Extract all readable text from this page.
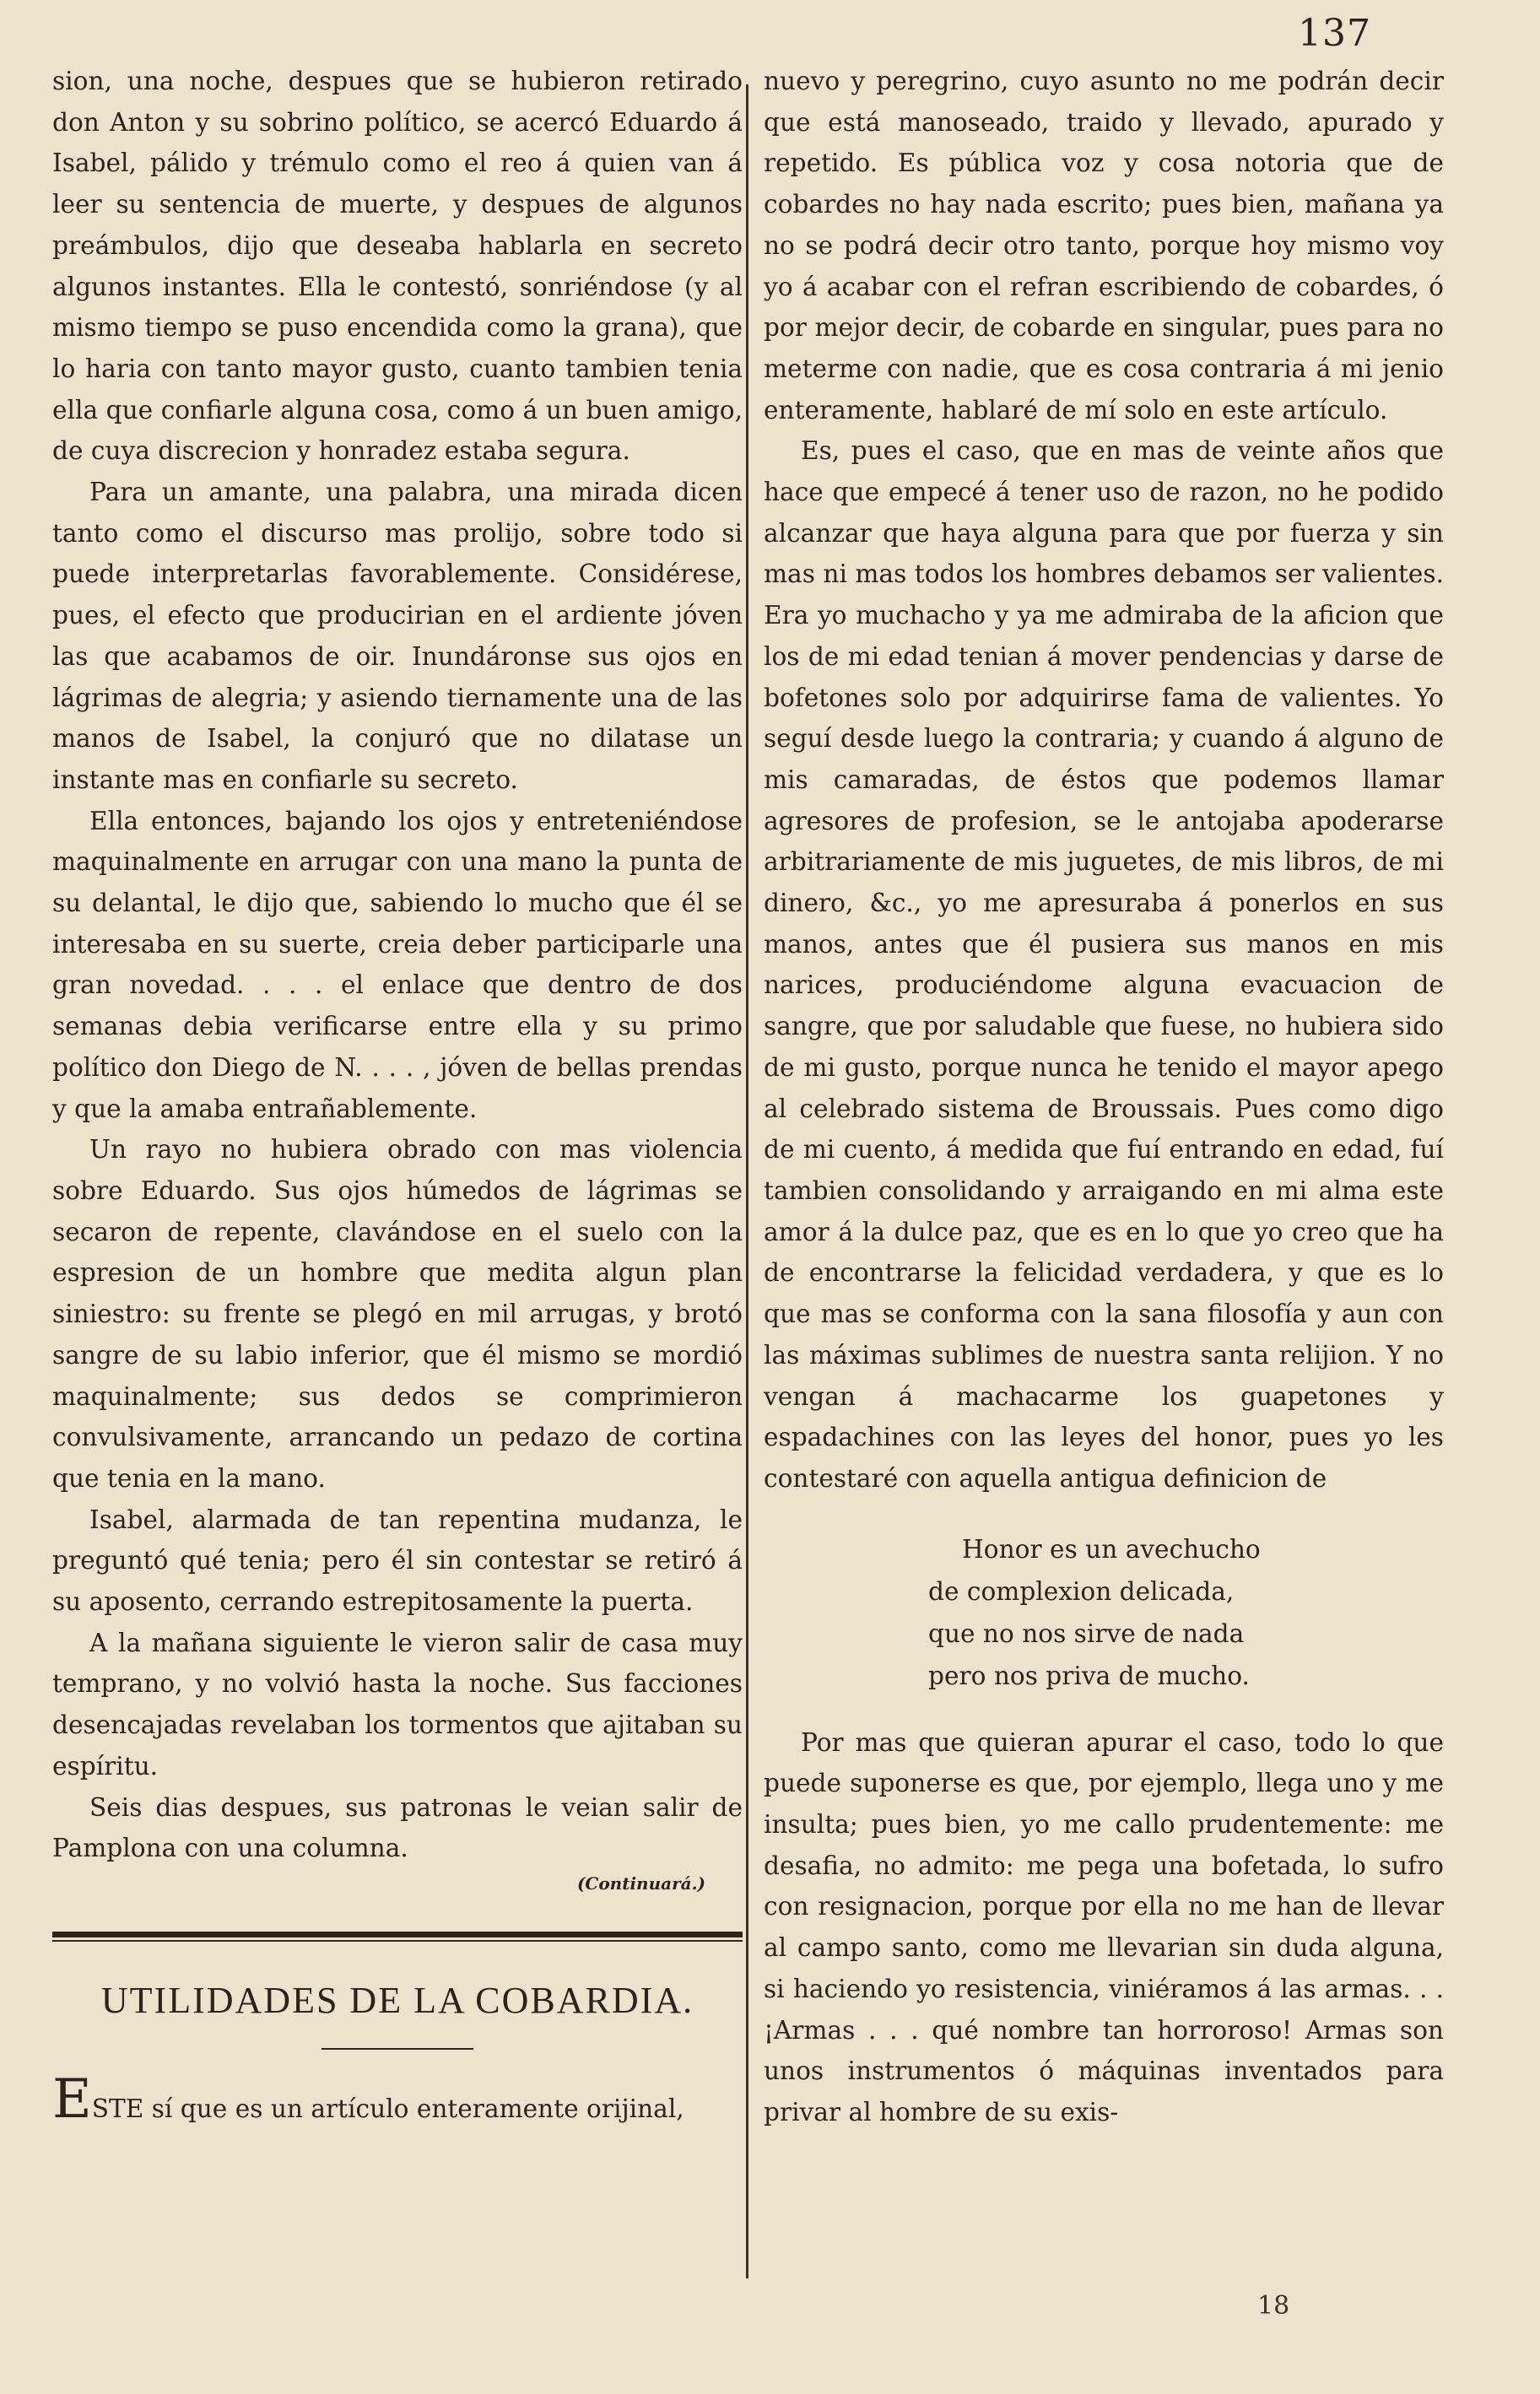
137

sion, una noche, despues que se hubieron retirado don Anton y su sobrino político, se acercó Eduardo á Isabel, pálido y trémulo como el reo á quien van á leer su sentencia de muerte, y despues de algunos preámbulos, dijo que deseaba hablarla en secreto algunos instantes. Ella le contestó, sonriéndose (y al mismo tiempo se puso encendida como la grana), que lo haria con tanto mayor gusto, cuanto tambien tenia ella que confiarle alguna cosa, como á un buen amigo, de cuya discrecion y honradez estaba segura.

Para un amante, una palabra, una mirada dicen tanto como el discurso mas prolijo, sobre todo si puede interpretarlas favorablemente. Considérese, pues, el efecto que producirian en el ardiente jóven las que acabamos de oir. Inundáronse sus ojos en lágrimas de alegria; y asiendo tiernamente una de las manos de Isabel, la conjuró que no dilatase un instante mas en confiarle su secreto.

Ella entonces, bajando los ojos y entreteniéndose maquinalmente en arrugar con una mano la punta de su delantal, le dijo que, sabiendo lo mucho que él se interesaba en su suerte, creia deber participarle una gran novedad. . . . el enlace que dentro de dos semanas debia verificarse entre ella y su primo político don Diego de N. . . . , jóven de bellas prendas y que la amaba entrañablemente.

Un rayo no hubiera obrado con mas violencia sobre Eduardo. Sus ojos húmedos de lágrimas se secaron de repente, clavándose en el suelo con la espresion de un hombre que medita algun plan siniestro: su frente se plegó en mil arrugas, y brotó sangre de su labio inferior, que él mismo se mordió maquinalmente; sus dedos se comprimieron convulsivamente, arrancando un pedazo de cortina que tenia en la mano.

Isabel, alarmada de tan repentina mudanza, le preguntó qué tenia; pero él sin contestar se retiró á su aposento, cerrando estrepitosamente la puerta.

A la mañana siguiente le vieron salir de casa muy temprano, y no volvió hasta la noche. Sus facciones desencajadas revelaban los tormentos que ajitaban su espíritu.

Seis dias despues, sus patronas le veian salir de Pamplona con una columna.

(Continuará.)
UTILIDADES DE LA COBARDIA.

ESTE sí que es un artículo enteramente orijinal,

nuevo y peregrino, cuyo asunto no me podrán decir que está manoseado, traido y llevado, apurado y repetido. Es pública voz y cosa notoria que de cobardes no hay nada escrito; pues bien, mañana ya no se podrá decir otro tanto, porque hoy mismo voy yo á acabar con el refran escribiendo de cobardes, ó por mejor decir, de cobarde en singular, pues para no meterme con nadie, que es cosa contraria á mi jenio enteramente, hablaré de mí solo en este artículo.

Es, pues el caso, que en mas de veinte años que hace que empecé á tener uso de razon, no he podido alcanzar que haya alguna para que por fuerza y sin mas ni mas todos los hombres debamos ser valientes. Era yo muchacho y ya me admiraba de la aficion que los de mi edad tenian á mover pendencias y darse de bofetones solo por adquirirse fama de valientes. Yo seguí desde luego la contraria; y cuando á alguno de mis camaradas, de éstos que podemos llamar agresores de profesion, se le antojaba apoderarse arbitrariamente de mis juguetes, de mis libros, de mi dinero, &c., yo me apresuraba á ponerlos en sus manos, antes que él pusiera sus manos en mis narices, produciéndome alguna evacuacion de sangre, que por saludable que fuese, no hubiera sido de mi gusto, porque nunca he tenido el mayor apego al celebrado sistema de Broussais. Pues como digo de mi cuento, á medida que fuí entrando en edad, fuí tambien consolidando y arraigando en mi alma este amor á la dulce paz, que es en lo que yo creo que ha de encontrarse la felicidad verdadera, y que es lo que mas se conforma con la sana filosofía y aun con las máximas sublimes de nuestra santa relijion. Y no vengan á machacarme los guapetones y espadachines con las leyes del honor, pues yo les contestaré con aquella antigua definicion de

Honor es un avechucho
de complexion delicada,
que no nos sirve de nada
pero nos priva de mucho.

Por mas que quieran apurar el caso, todo lo que puede suponerse es que, por ejemplo, llega uno y me insulta; pues bien, yo me callo prudentemente: me desafia, no admito: me pega una bofetada, lo sufro con resignacion, porque por ella no me han de llevar al campo santo, como me llevarian sin duda alguna, si haciendo yo resistencia, viniéramos á las armas. . . ¡Armas . . . qué nombre tan horroroso! Armas son unos instrumentos ó máquinas inventados para privar al hombre de su exis-

18
